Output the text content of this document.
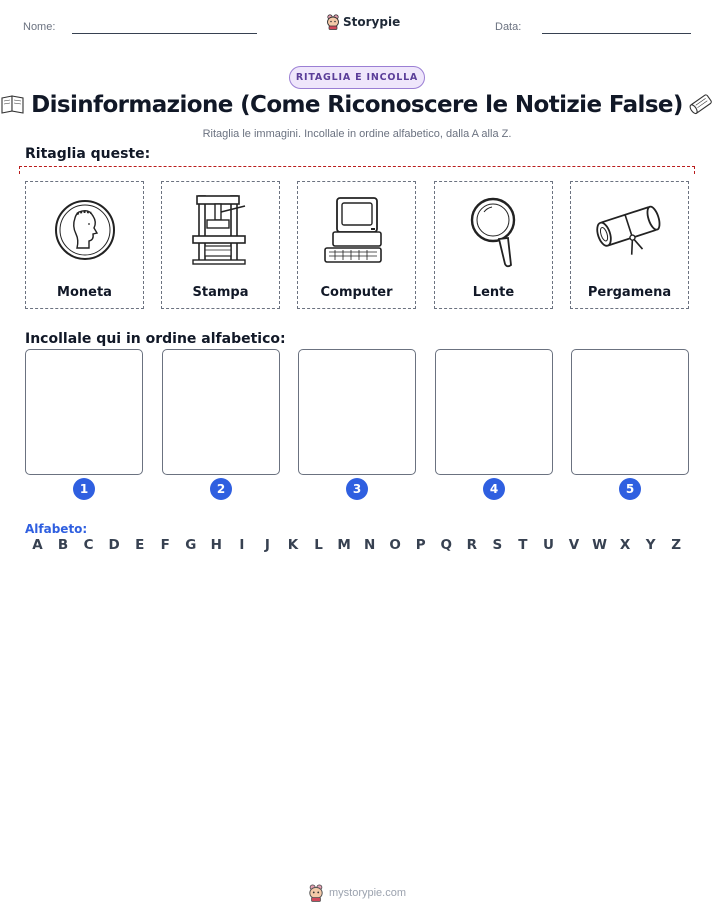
Nome:	Storypie	Data:
RITAGLIA E INCOLLA
Disinformazione (Come Riconoscere le Notizie False)
Ritaglia le immagini. Incollale in ordine alfabetico, dalla A alla Z.
Ritaglia queste:
Moneta	Stampa	Computer	Lente	Pergamena
Incollale qui in ordine alfabetico:
1	2	3	4	5
Alfabeto:
A	B	C	D	E	F	G	H	I	J	K	L	M N	O	P	Q	R	S	T	U	V W X	Y	Z
mystorypie.com
